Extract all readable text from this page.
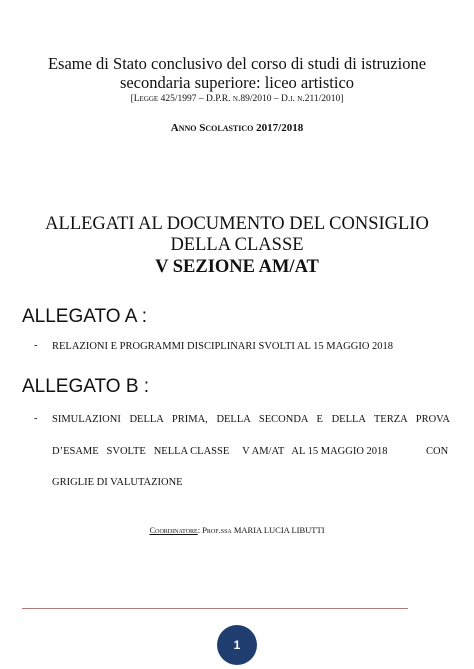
Esame di Stato conclusivo del corso di studi di istruzione
secondaria superiore: liceo artistico
[Legge 425/1997 – D.P.R. n.89/2010 – D.i. n.211/2010]
Anno Scolastico 2017/2018
ALLEGATI AL DOCUMENTO DEL CONSIGLIO
DELLA CLASSE
V SEZIONE AM/AT
ALLEGATO A :
- RELAZIONI E PROGRAMMI DISCIPLINARI SVOLTI AL 15 MAGGIO 2018
ALLEGATO B :
- SIMULAZIONI DELLA PRIMA, DELLA SECONDA E DELLA TERZA PROVA
D’ESAME   SVOLTE   NELLA CLASSE     V AM/AT   AL 15 MAGGIO 2018	CON
GRIGLIE DI VALUTAZIONE
Coordinatore: Prof.ssa MARIA LUCIA LIBUTTI
1
